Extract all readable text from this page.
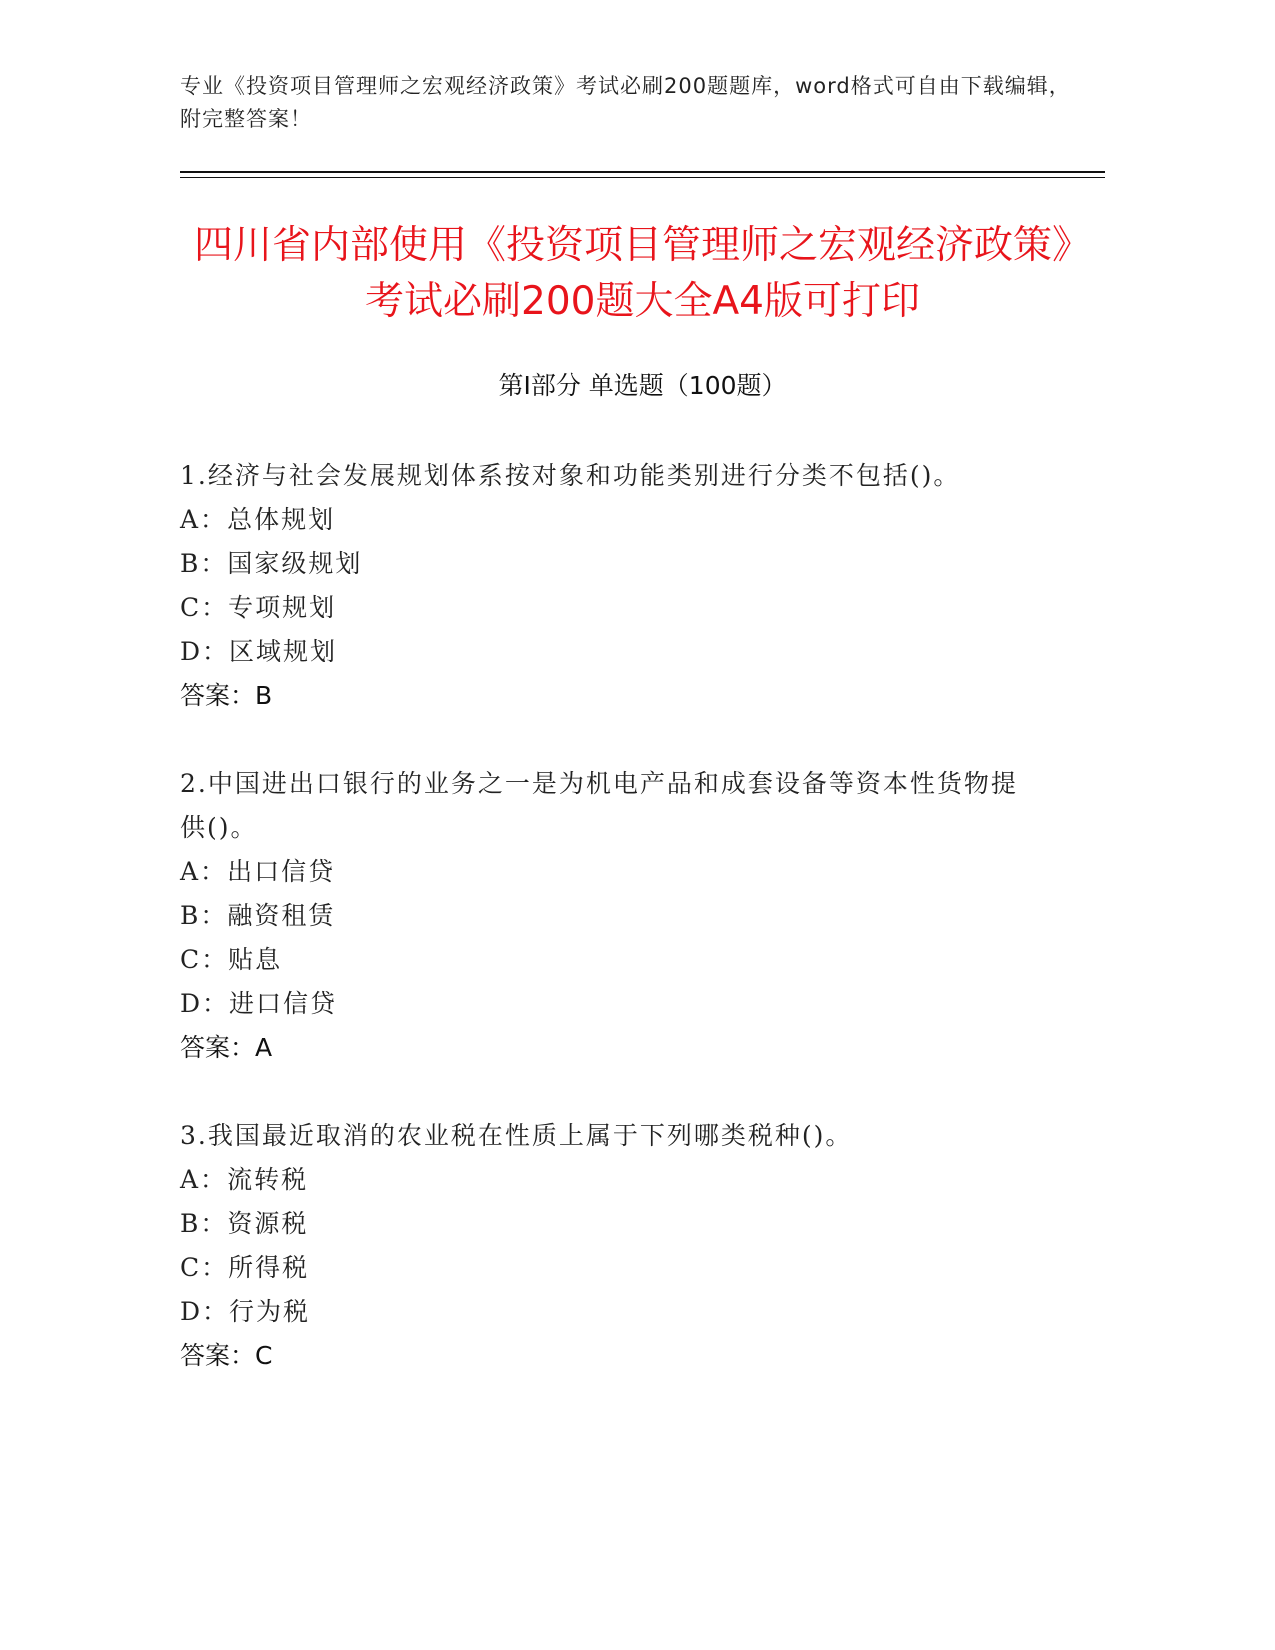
专业《投资项目管理师之宏观经济政策》考试必刷200题题库，word格式可自由下载编辑，附完整答案！
四川省内部使用《投资项目管理师之宏观经济政策》考试必刷200题大全A4版可打印
第Ⅰ部分 单选题（100题）
1.经济与社会发展规划体系按对象和功能类别进行分类不包括()。
A：总体规划
B：国家级规划
C：专项规划
D：区域规划
答案：B
2.中国进出口银行的业务之一是为机电产品和成套设备等资本性货物提供()。
A：出口信贷
B：融资租赁
C：贴息
D：进口信贷
答案：A
3.我国最近取消的农业税在性质上属于下列哪类税种()。
A：流转税
B：资源税
C：所得税
D：行为税
答案：C
